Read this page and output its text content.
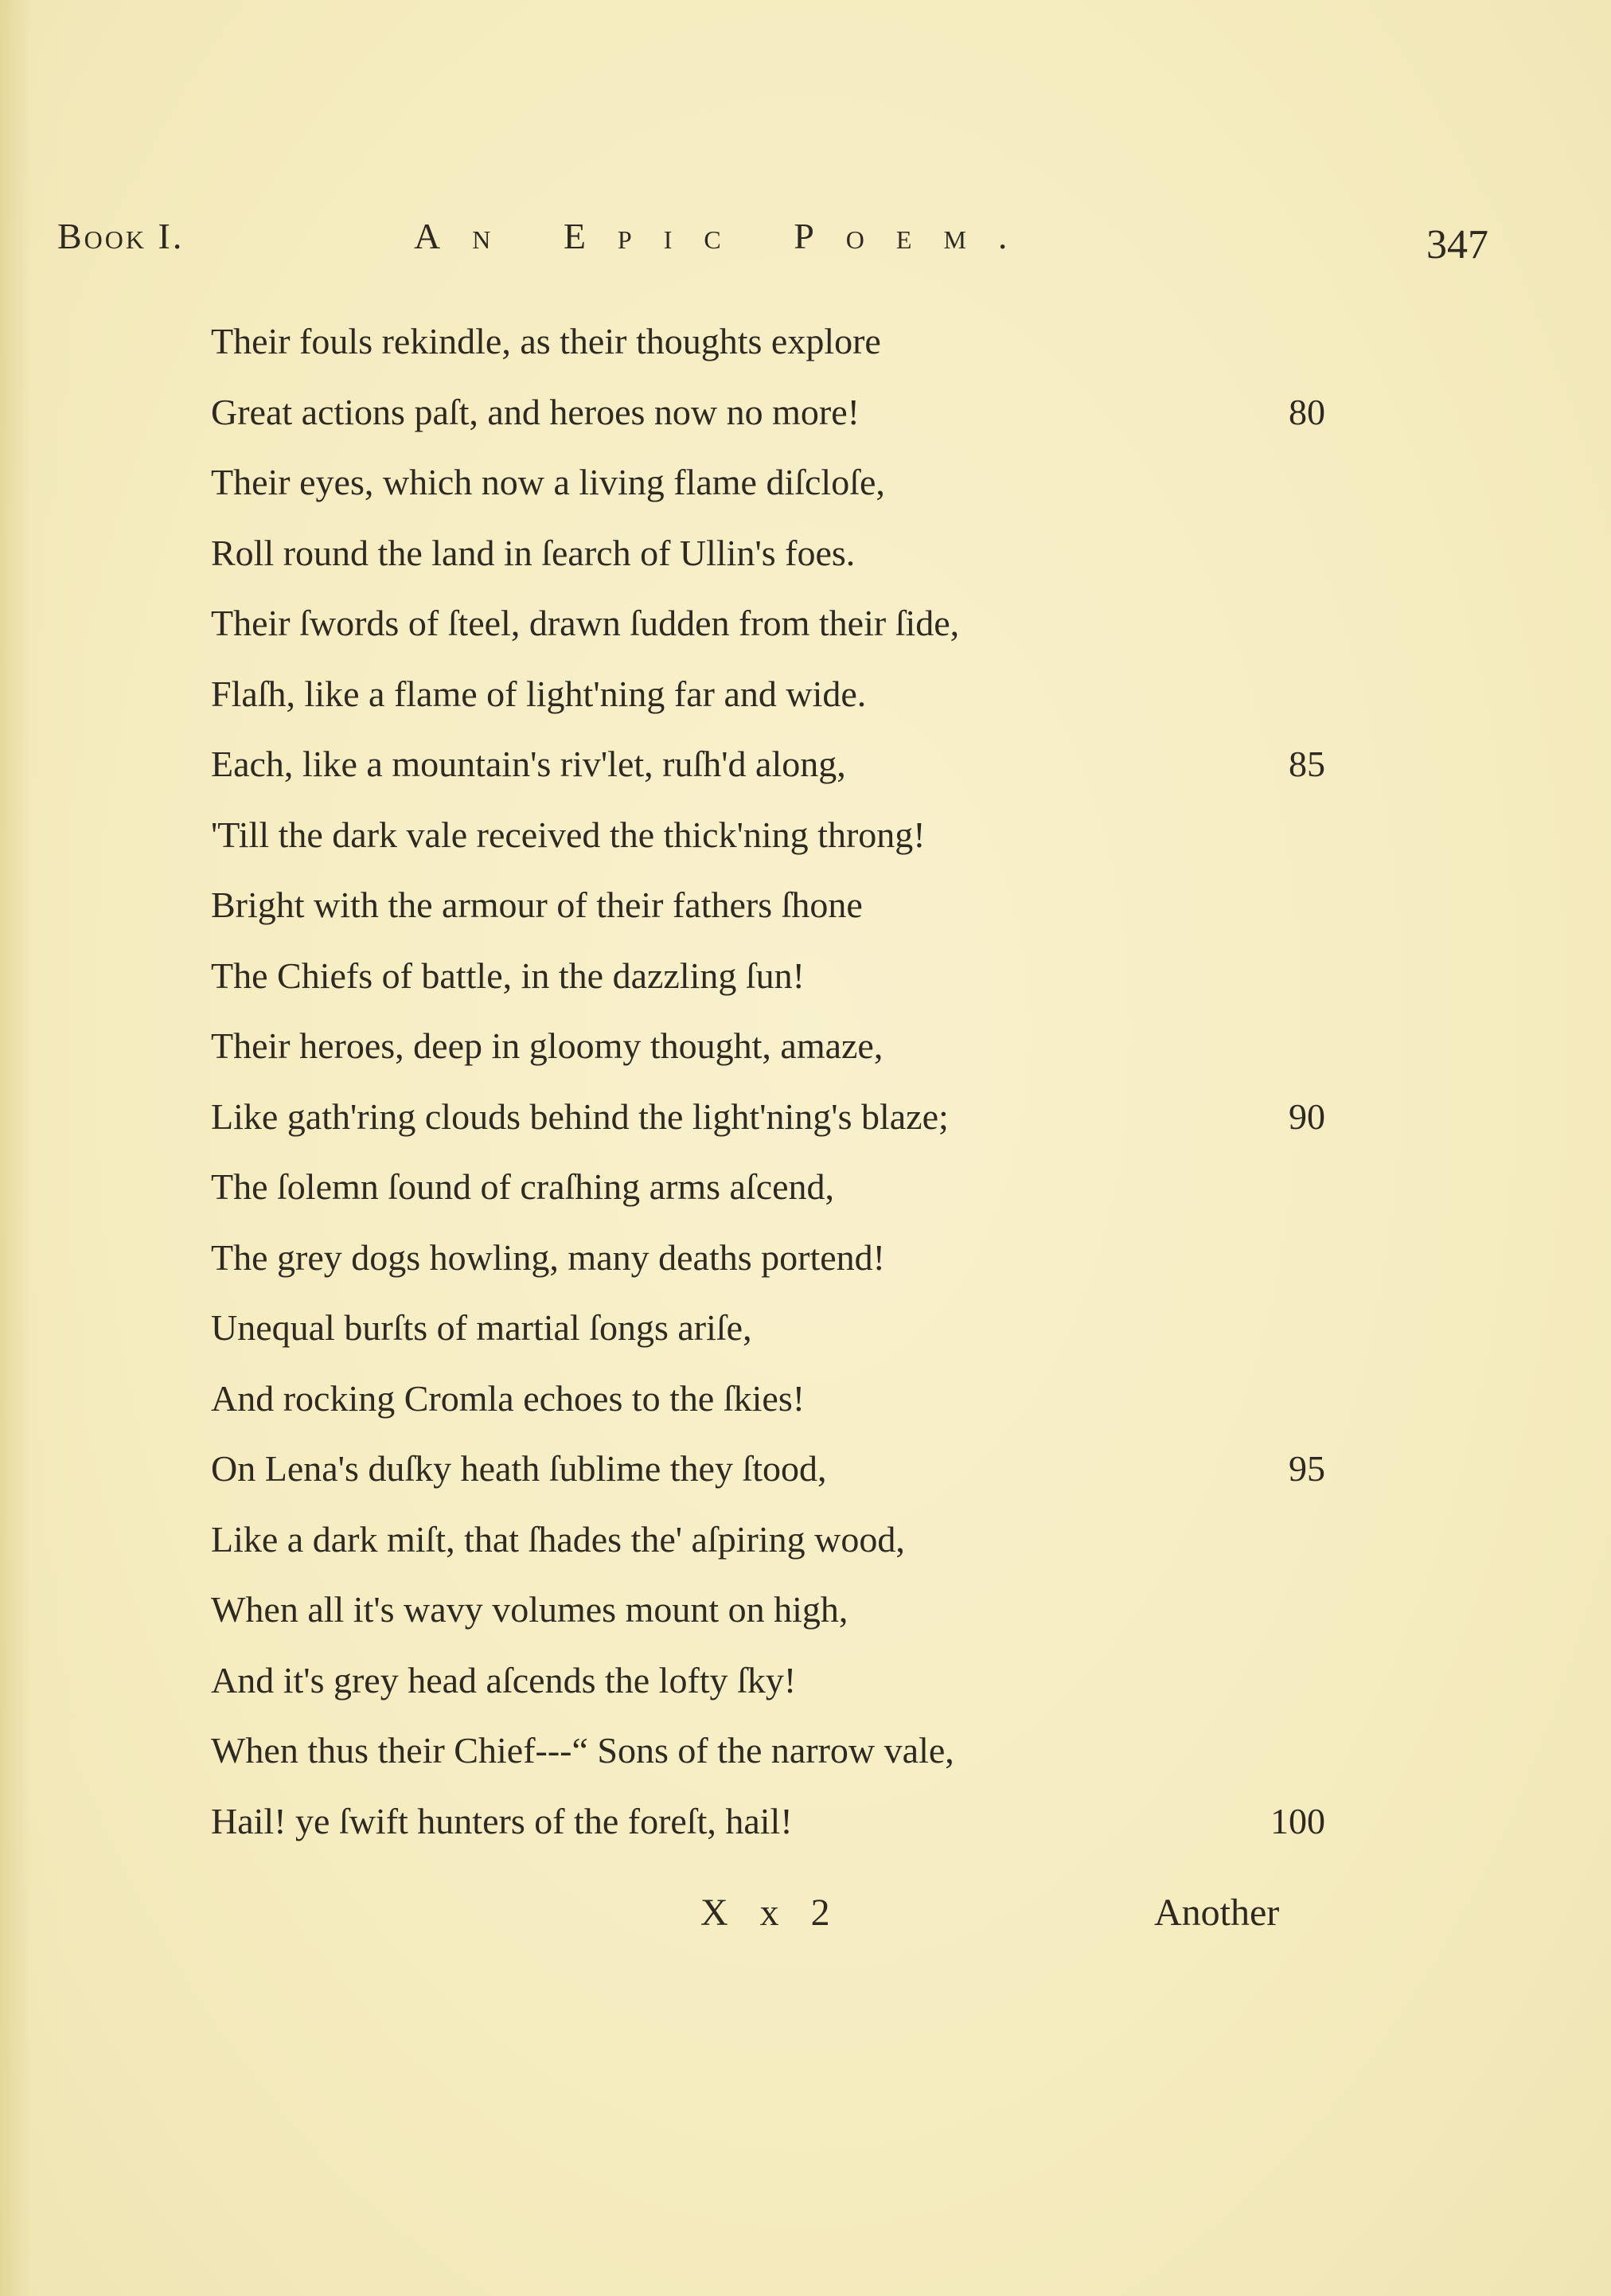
Book I.	An Epic Poem.	347
Their fouls rekindle, as their thoughts explore
Great actions paſt, and heroes now no more!	80
Their eyes, which now a living flame diſcloſe,
Roll round the land in ſearch of Ullin's foes.
Their ſwords of ſteel, drawn ſudden from their ſide,
Flaſh, like a flame of light'ning far and wide.
Each, like a mountain's riv'let, ruſh'd along,	85
'Till the dark vale received the thick'ning throng!
Bright with the armour of their fathers ſhone
The Chiefs of battle, in the dazzling ſun!
Their heroes, deep in gloomy thought, amaze,
Like gath'ring clouds behind the light'ning's blaze;	90
The ſolemn ſound of craſhing arms aſcend,
The grey dogs howling, many deaths portend!
Unequal burſts of martial ſongs ariſe,
And rocking Cromla echoes to the ſkies!
On Lena's duſky heath ſublime they ſtood,	95
Like a dark miſt, that ſhades the' aſpiring wood,
When all it's wavy volumes mount on high,
And it's grey head aſcends the lofty ſky!
When thus their Chief---“ Sons of the narrow vale,
Hail! ye ſwift hunters of the foreſt, hail!	100
X x 2	Another
